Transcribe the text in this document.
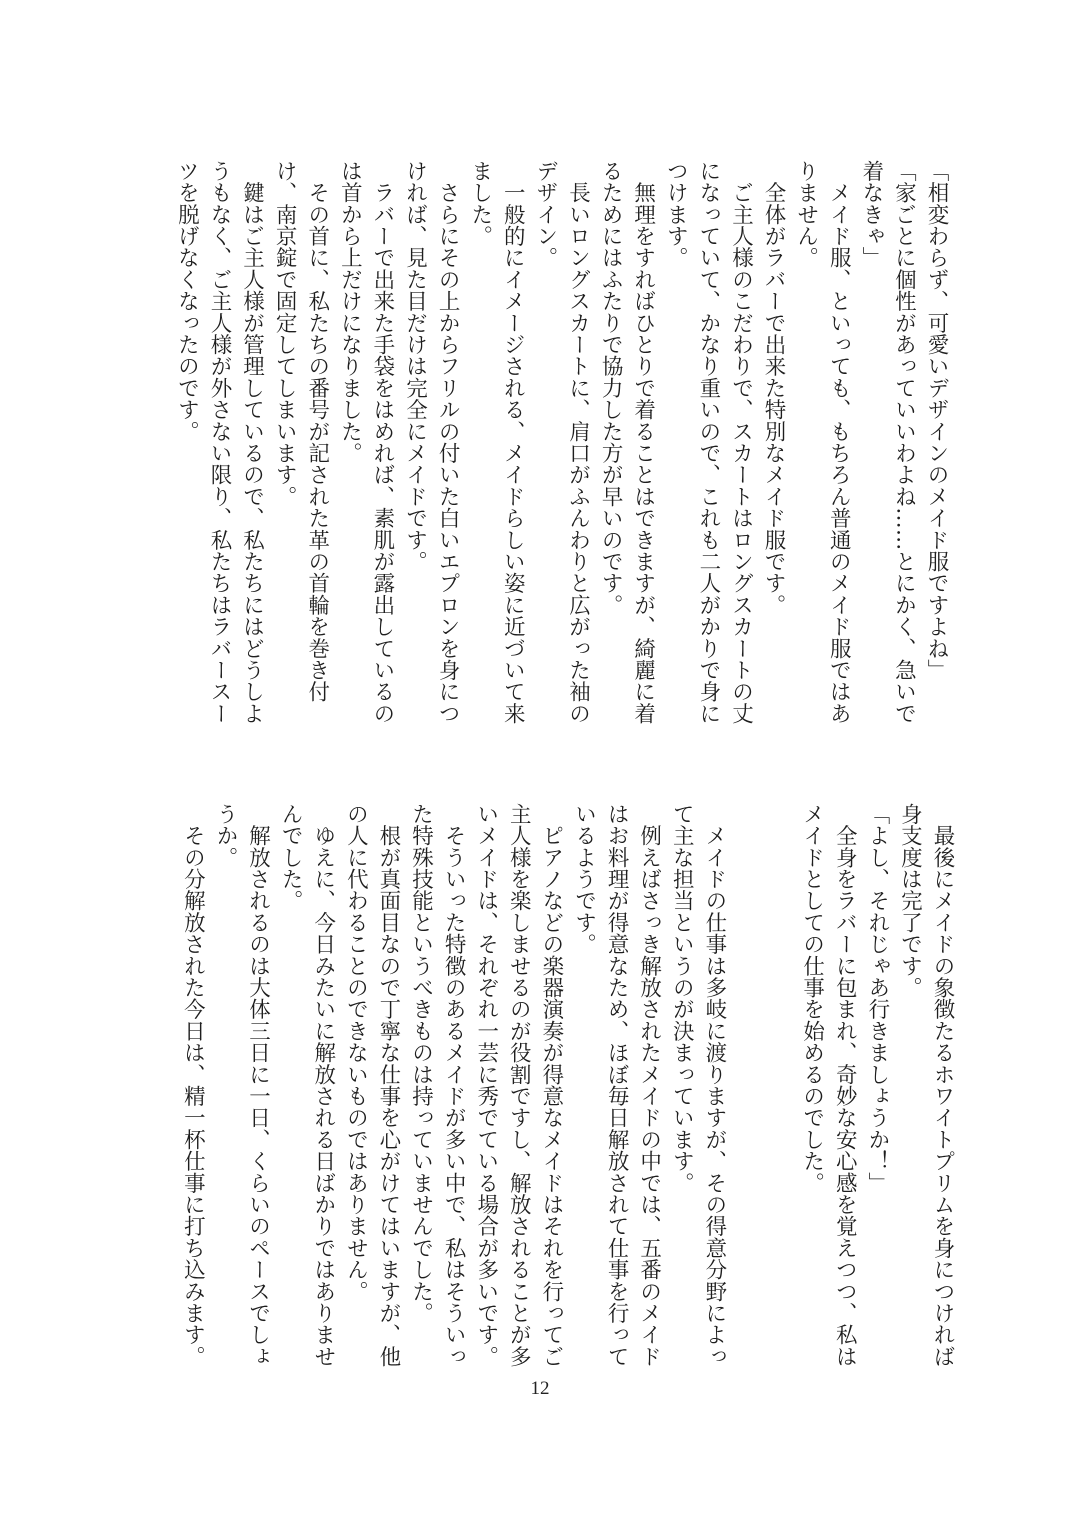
「相変わらず、可愛いデザインのメイド服ですよね」
「家ごとに個性があっていいわよね……とにかく、急いで
着なきゃ」
　メイド服、といっても、もちろん普通のメイド服ではあ
りません。
　全体がラバーで出来た特別なメイド服です。
　ご主人様のこだわりで、スカートはロングスカートの丈
になっていて、かなり重いので、これも二人がかりで身に
つけます。
　無理をすればひとりで着ることはできますが、綺麗に着
るためにはふたりで協力した方が早いのです。
　長いロングスカートに、肩口がふんわりと広がった袖の
デザイン。
　一般的にイメージされる、メイドらしい姿に近づいて来
ました。
　さらにその上からフリルの付いた白いエプロンを身につ
ければ、見た目だけは完全にメイドです。
　ラバーで出来た手袋をはめれば、素肌が露出しているの
は首から上だけになりました。
　その首に、私たちの番号が記された革の首輪を巻き付
け、南京錠で固定してしまいます。
　鍵はご主人様が管理しているので、私たちにはどうしよ
うもなく、ご主人様が外さない限り、私たちはラバースー
ツを脱げなくなったのです。
　最後にメイドの象徴たるホワイトプリムを身につければ
身支度は完了です。
「よし、それじゃあ行きましょうか！」
　全身をラバーに包まれ、奇妙な安心感を覚えつつ、私は
メイドとしての仕事を始めるのでした。
　メイドの仕事は多岐に渡りますが、その得意分野によっ
て主な担当というのが決まっています。
　例えばさっき解放されたメイドの中では、五番のメイド
はお料理が得意なため、ほぼ毎日解放されて仕事を行って
いるようです。
　ピアノなどの楽器演奏が得意なメイドはそれを行ってご
主人様を楽しませるのが役割ですし、解放されることが多
いメイドは、それぞれ一芸に秀でている場合が多いです。
　そういった特徴のあるメイドが多い中で、私はそういっ
た特殊技能というべきものは持っていませんでした。
　根が真面目なので丁寧な仕事を心がけてはいますが、他
の人に代わることのできないものではありません。
　ゆえに、今日みたいに解放される日ばかりではありませ
んでした。
　解放されるのは大体三日に一日、くらいのペースでしょ
うか。
　その分解放された今日は、精一杯仕事に打ち込みます。
12
